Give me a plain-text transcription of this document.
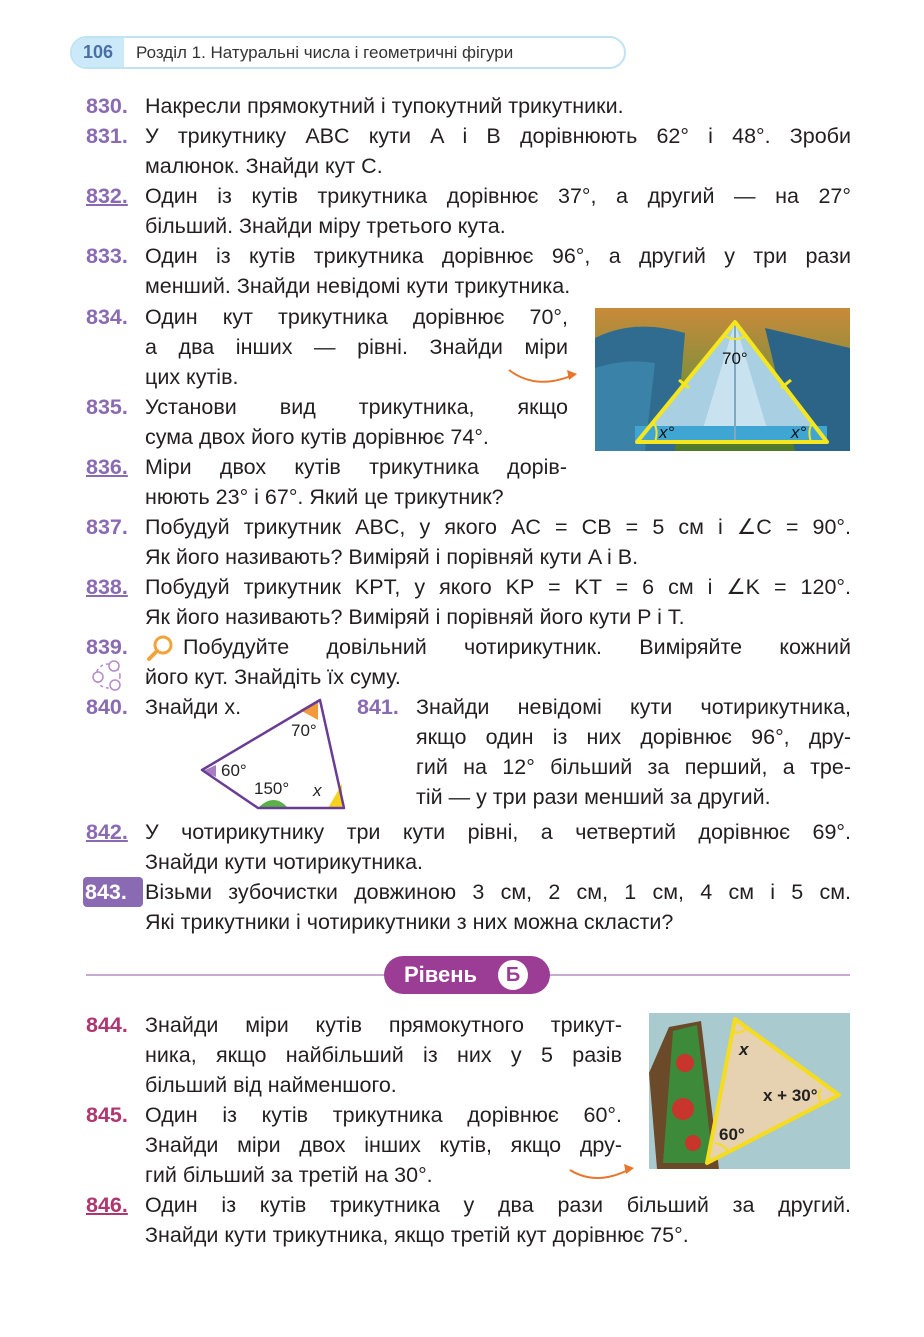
106	Розділ 1. Натуральні числа і геометричні фігури
830. Накресли прямокутний і тупокутний трикутники.
831. У трикутнику ABC кути A і B дорівнюють 62° і 48°. Зроби
малюнок. Знайди кут C.
832. Один із кутів трикутника дорівнює 37°, а другий — на 27°
більший. Знайди міру третього кута.
833. Один із кутів трикутника дорівнює 96°, а другий у три рази
менший. Знайди невідомі кути трикутника.
834. Один кут трикутника дорівнює 70°,
а два інших — рівні. Знайди міри
цих кутів.
835. Установи вид трикутника, якщо
сума двох його кутів дорівнює 74°.
836. Міри двох кутів трикутника дорів-
нюють 23° і 67°. Який це трикутник?
837. Побудуй трикутник ABC, у якого AC = CB = 5 см і ∠C = 90°.
Як його називають? Виміряй і порівняй кути A і B.
838. Побудуй трикутник KPT, у якого KP = KT = 6 см і ∠K = 120°.
Як його називають? Виміряй і порівняй його кути P і T.
839.	Побудуйте довільний чотирикутник. Виміряйте кожний
його кут. Знайдіть їх суму.
840. Знайди x.
70°
60°
150° x
841. Знайди невідомі кути чотирикутника,
якщо один із них дорівнює 96°, дру-
гий на 12° більший за перший, а тре-
тій — у три рази менший за другий.
842. У чотирикутнику три кути рівні, а четвертий дорівнює 69°.
Знайди кути чотирикутника.
843. Візьми зубочистки довжиною 3 см, 2 см, 1 см, 4 см і 5 см.
Які трикутники і чотирикутники з них можна скласти?
Рівень	Б
844. Знайди міри кутів прямокутного трикут-
ника, якщо найбільший із них у 5 разів
більший від найменшого.
845. Один із кутів трикутника дорівнює 60°.
Знайди міри двох інших кутів, якщо дру-
гий більший за третій на 30°.
846. Один із кутів трикутника у два рази більший за другий.
Знайди кути трикутника, якщо третій кут дорівнює 75°.
70°
x°	x°
x
x + 30°
60°
